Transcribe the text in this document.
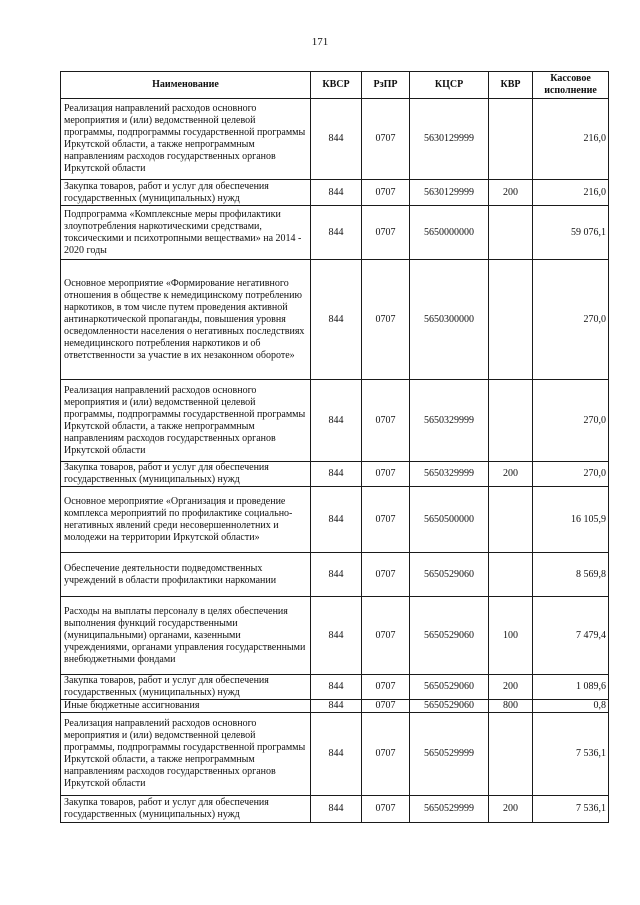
171
Наименование	КВСР	РзПР	КЦСР	КВР	Кассовое исполнение
Реализация направлений расходов основного мероприятия и (или) ведомственной целевой программы, подпрограммы государственной программы Иркутской области, а также непрограммным направлениям расходов государственных органов Иркутской области	844	0707	5630129999		216,0
Закупка товаров, работ и услуг для обеспечения государственных (муниципальных) нужд	844	0707	5630129999	200	216,0
Подпрограмма «Комплексные меры профилактики злоупотребления наркотическими средствами, токсическими и психотропными веществами» на 2014 - 2020 годы	844	0707	5650000000		59 076,1
Основное мероприятие «Формирование негативного отношения в обществе к немедицинскому потреблению наркотиков, в том числе путем проведения активной антинаркотической пропаганды, повышения уровня осведомленности населения о негативных последствиях немедицинского потребления наркотиков и об ответственности за участие в их незаконном обороте»	844	0707	5650300000		270,0
Реализация направлений расходов основного мероприятия и (или) ведомственной целевой программы, подпрограммы государственной программы Иркутской области, а также непрограммным направлениям расходов государственных органов Иркутской области	844	0707	5650329999		270,0
Закупка товаров, работ и услуг для обеспечения государственных (муниципальных) нужд	844	0707	5650329999	200	270,0
Основное мероприятие «Организация и проведение комплекса мероприятий по профилактике социально-негативных явлений среди несовершеннолетних и молодежи на территории Иркутской области»	844	0707	5650500000		16 105,9
Обеспечение деятельности подведомственных учреждений в области профилактики наркомании	844	0707	5650529060		8 569,8
Расходы на выплаты персоналу в целях обеспечения выполнения функций государственными (муниципальными) органами, казенными учреждениями, органами управления государственными внебюджетными фондами	844	0707	5650529060	100	7 479,4
Закупка товаров, работ и услуг для обеспечения государственных (муниципальных) нужд	844	0707	5650529060	200	1 089,6
Иные бюджетные ассигнования	844	0707	5650529060	800	0,8
Реализация направлений расходов основного мероприятия и (или) ведомственной целевой программы, подпрограммы государственной программы Иркутской области, а также непрограммным направлениям расходов государственных органов Иркутской области	844	0707	5650529999		7 536,1
Закупка товаров, работ и услуг для обеспечения государственных (муниципальных) нужд	844	0707	5650529999	200	7 536,1
